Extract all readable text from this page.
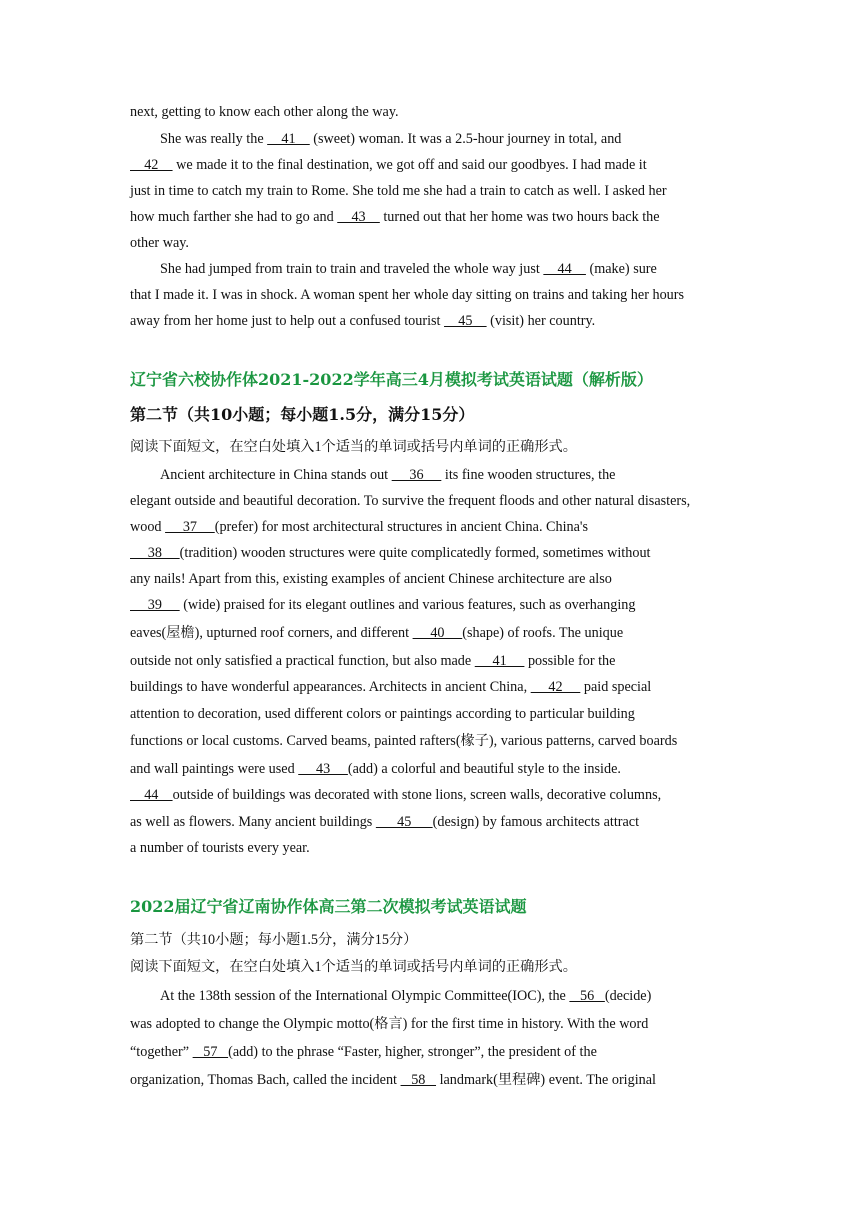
next, getting to know each other along the way.
She was really the     41     (sweet) woman. It was a 2.5-hour journey in total, and
42     we made it to the final destination, we got off and said our goodbyes. I had made it
just in time to catch my train to Rome. She told me she had a train to catch as well. I asked her
how much farther she had to go and     43     turned out that her home was two hours back the
other way.
She had jumped from train to train and traveled the whole way just     44     (make) sure
that I made it. I was in shock. A woman spent her whole day sitting on trains and taking her hours
away from her home just to help out a confused tourist     45     (visit) her country.
辽宁省六校协作体2021-2022学年高三4月模拟考试英语试题（解析版）
第二节（共10小题；每小题1.5分，满分15分）
阅读下面短文，在空白处填入1个适当的单词或括号内单词的正确形式。
Ancient architecture in China stands out      36      its fine wooden structures, the
elegant outside and beautiful decoration. To survive the frequent floods and other natural disasters,
wood      37     (prefer) for most architectural structures in ancient China. China's
38     (tradition) wooden structures were quite complicatedly formed, sometimes without
any nails! Apart from this, existing examples of ancient Chinese architecture are also
39      (wide) praised for its elegant outlines and various features, such as overhanging
eaves(屋檐), upturned roof corners, and different      40     (shape) of roofs. The unique
outside not only satisfied a practical function, but also made      41      possible for the
buildings to have wonderful appearances. Architects in ancient China,      42      paid special
attention to decoration, used different colors or paintings according to particular building
functions or local customs. Carved beams, painted rafters(椽子), various patterns, carved boards
and wall paintings were used      43     (add) a colorful and beautiful style to the inside.
44    outside of buildings was decorated with stone lions, screen walls, decorative columns,
as well as flowers. Many ancient buildings       45      (design) by famous architects attract
a number of tourists every year.
2022届辽宁省辽南协作体高三第二次模拟考试英语试题
第二节（共10小题；每小题1.5分，满分15分）
阅读下面短文，在空白处填入1个适当的单词或括号内单词的正确形式。
At the 138th session of the International Olympic Committee(IOC), the    56   (decide)
was adopted to change the Olympic motto(格言) for the first time in history. With the word
“together”    57   (add) to the phrase “Faster, higher, stronger”, the president of the
organization, Thomas Bach, called the incident    58    landmark(里程碑) event. The original
